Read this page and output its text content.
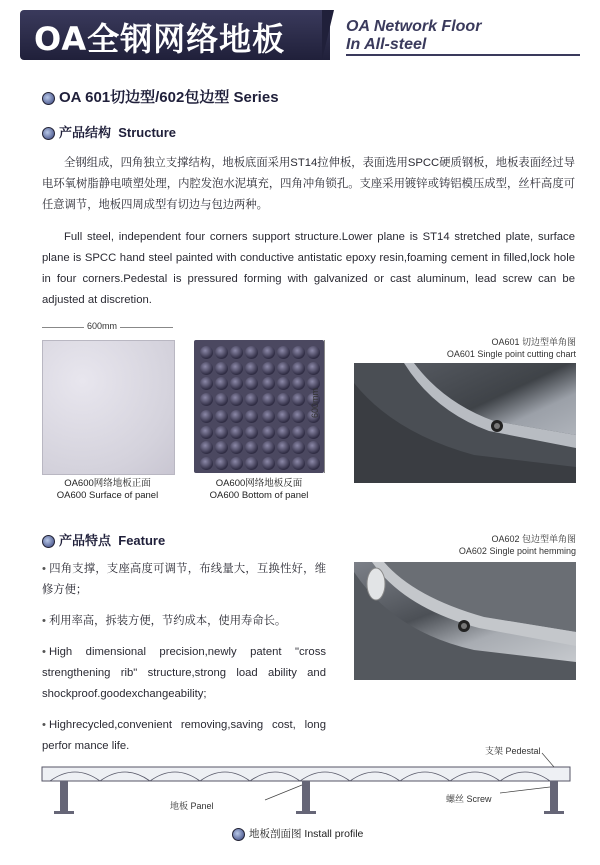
OA全钢网络地板	OA Network Floor
In All-steel
OA 601切边型/602包边型 Series
产品结构 Structure
全钢组成，四角独立支撑结构，地板底面采用ST14拉伸板，表面选用SPCC硬质钢板，地板表面经过导电环氧树脂静电喷塑处理，内腔发泡水泥填充，四角冲角锁孔。支座采用镀锌或铸铝模压成型，丝杆高度可任意调节，地板四周成型有切边与包边两种。
Full steel, independent four corners support structure.Lower plane is ST14 stretched plate, surface plane is SPCC hand steel painted with conductive antistatic epoxy resin,foaming cement in filled,lock hole in four corners.Pedestal is pressured forming with galvanized or cast aluminum, lead screw can be adjusted at discretion.
600mm
600mm
OA600网络地板正面
OA600 Surface of panel
OA600网络地板反面
OA600 Bottom of panel
OA601 切边型单角图
OA601 Single point cutting chart
产品特点 Feature
• 四角支撑，支座高度可调节，布线量大，互换性好，维修方便；
• 利用率高，拆装方便，节约成本，使用寿命长。
• High dimensional precision,newly patent "cross strengthening rib" structure,strong load ability and shockproof.goodexchangeability;
• Highrecycled,convenient removing,saving cost, long perfor mance life.
OA602 包边型单角图
OA602 Single point hemming
支架 Pedestal
地板 Panel
螺丝 Screw
地板剖面图 Install profile
